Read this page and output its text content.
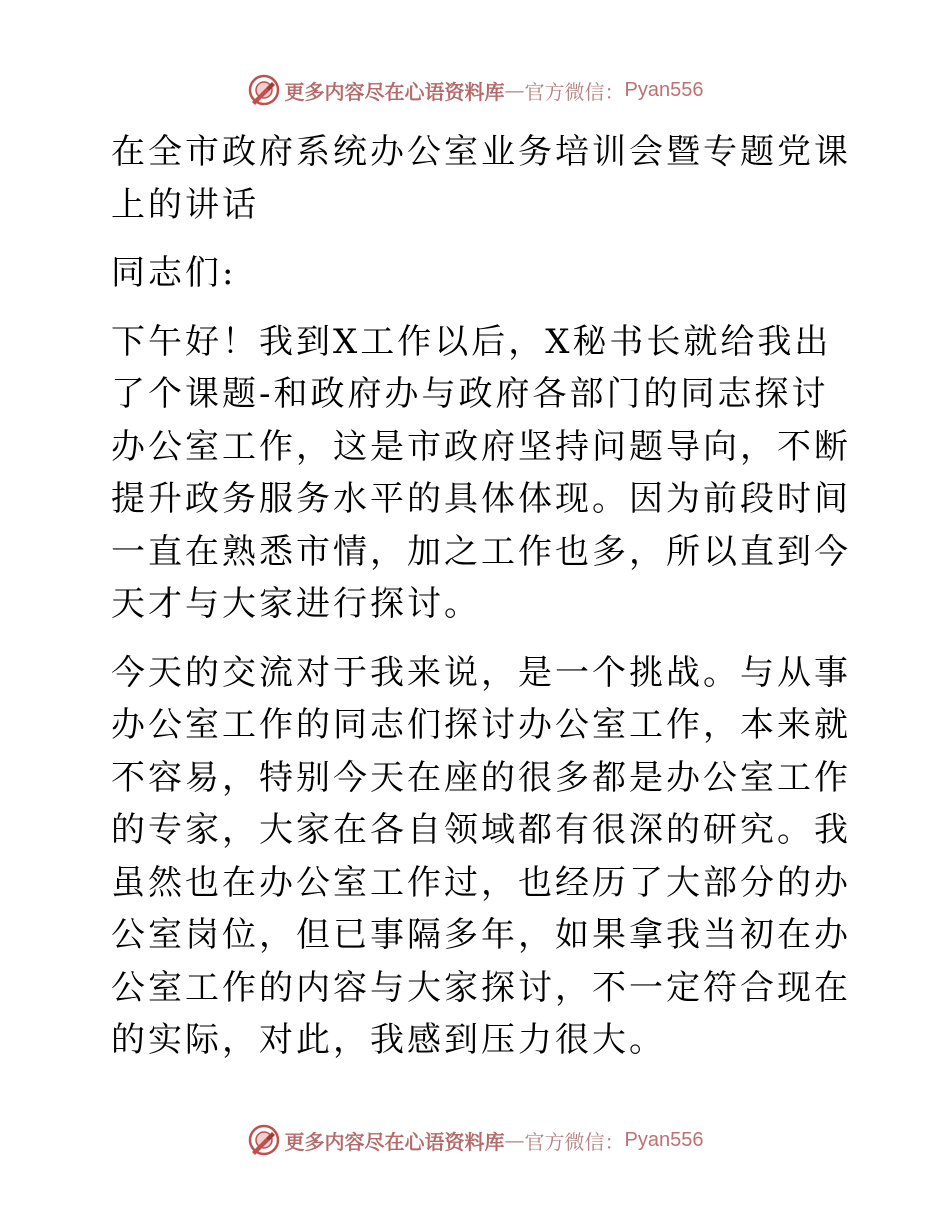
更多内容尽在心语资料库 — 官方微信： Pyan556

在全市政府系统办公室业务培训会暨专题党课上的讲话

同志们:

下午好！我到X工作以后，X秘书长就给我出了个课题-和政府办与政府各部门的同志探讨办公室工作，这是市政府坚持问题导向，不断提升政务服务水平的具体体现。因为前段时间一直在熟悉市情，加之工作也多，所以直到今天才与大家进行探讨。

今天的交流对于我来说，是一个挑战。与从事办公室工作的同志们探讨办公室工作，本来就不容易，特别今天在座的很多都是办公室工作的专家，大家在各自领域都有很深的研究。我虽然也在办公室工作过，也经历了大部分的办公室岗位，但已事隔多年，如果拿我当初在办公室工作的内容与大家探讨，不一定符合现在的实际，对此，我感到压力很大。

更多内容尽在心语资料库 — 官方微信： Pyan556
